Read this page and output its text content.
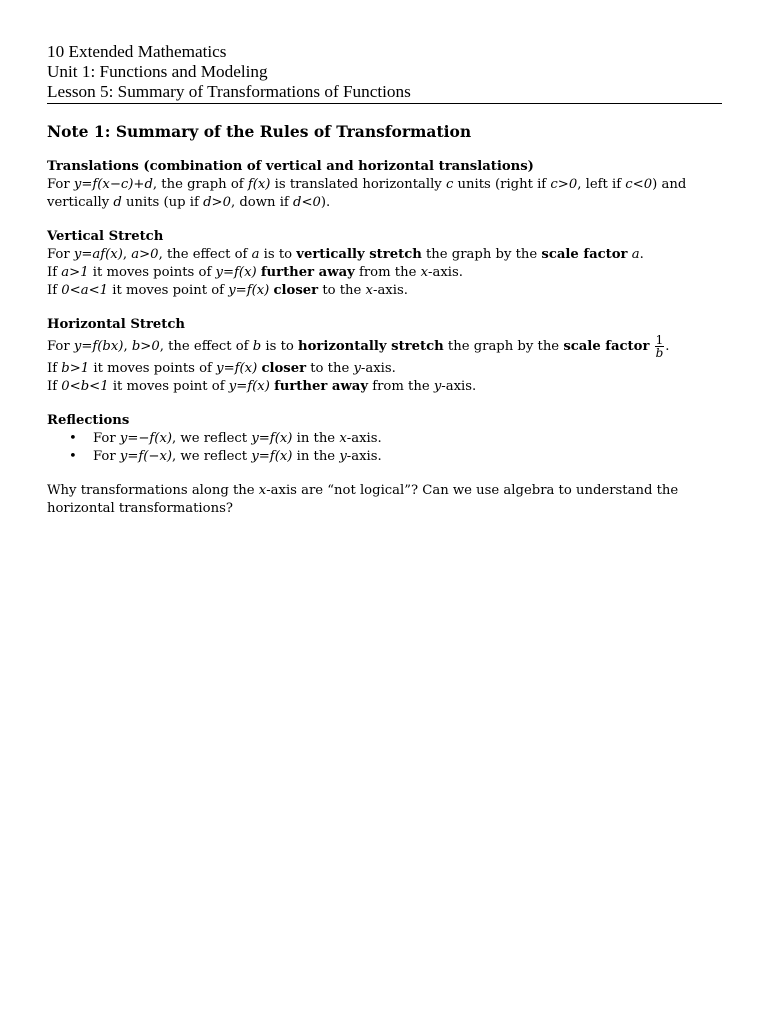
10 Extended Mathematics
Unit 1: Functions and Modeling
Lesson 5: Summary of Transformations of Functions
Note 1: Summary of the Rules of Transformation
Translations (combination of vertical and horizontal translations)
For y=f(x−c)+d, the graph of f(x) is translated horizontally c units (right if c>0, left if c<0) and
vertically d units (up if d>0, down if d<0).
Vertical Stretch
For y=af(x), a>0, the effect of a is to vertically stretch the graph by the scale factor a.
If a>1 it moves points of y=f(x) further away from the x-axis.
If 0<a<1 it moves point of y=f(x) closer to the x-axis.
Horizontal Stretch
For y=f(bx), b>0, the effect of b is to horizontally stretch the graph by the scale factor $\frac{1}{b}$ .
If b>1 it moves points of y=f(x) closer to the y-axis.
If 0<b<1 it moves point of y=f(x) further away from the y-axis.
Reflections
• For y=−f(x), we reflect y=f(x) in the x-axis.
• For y=f(−x), we reflect y=f(x) in the y-axis.
Why transformations along the x-axis are “not logical”? Can we use algebra to understand the horizontal transformations?
